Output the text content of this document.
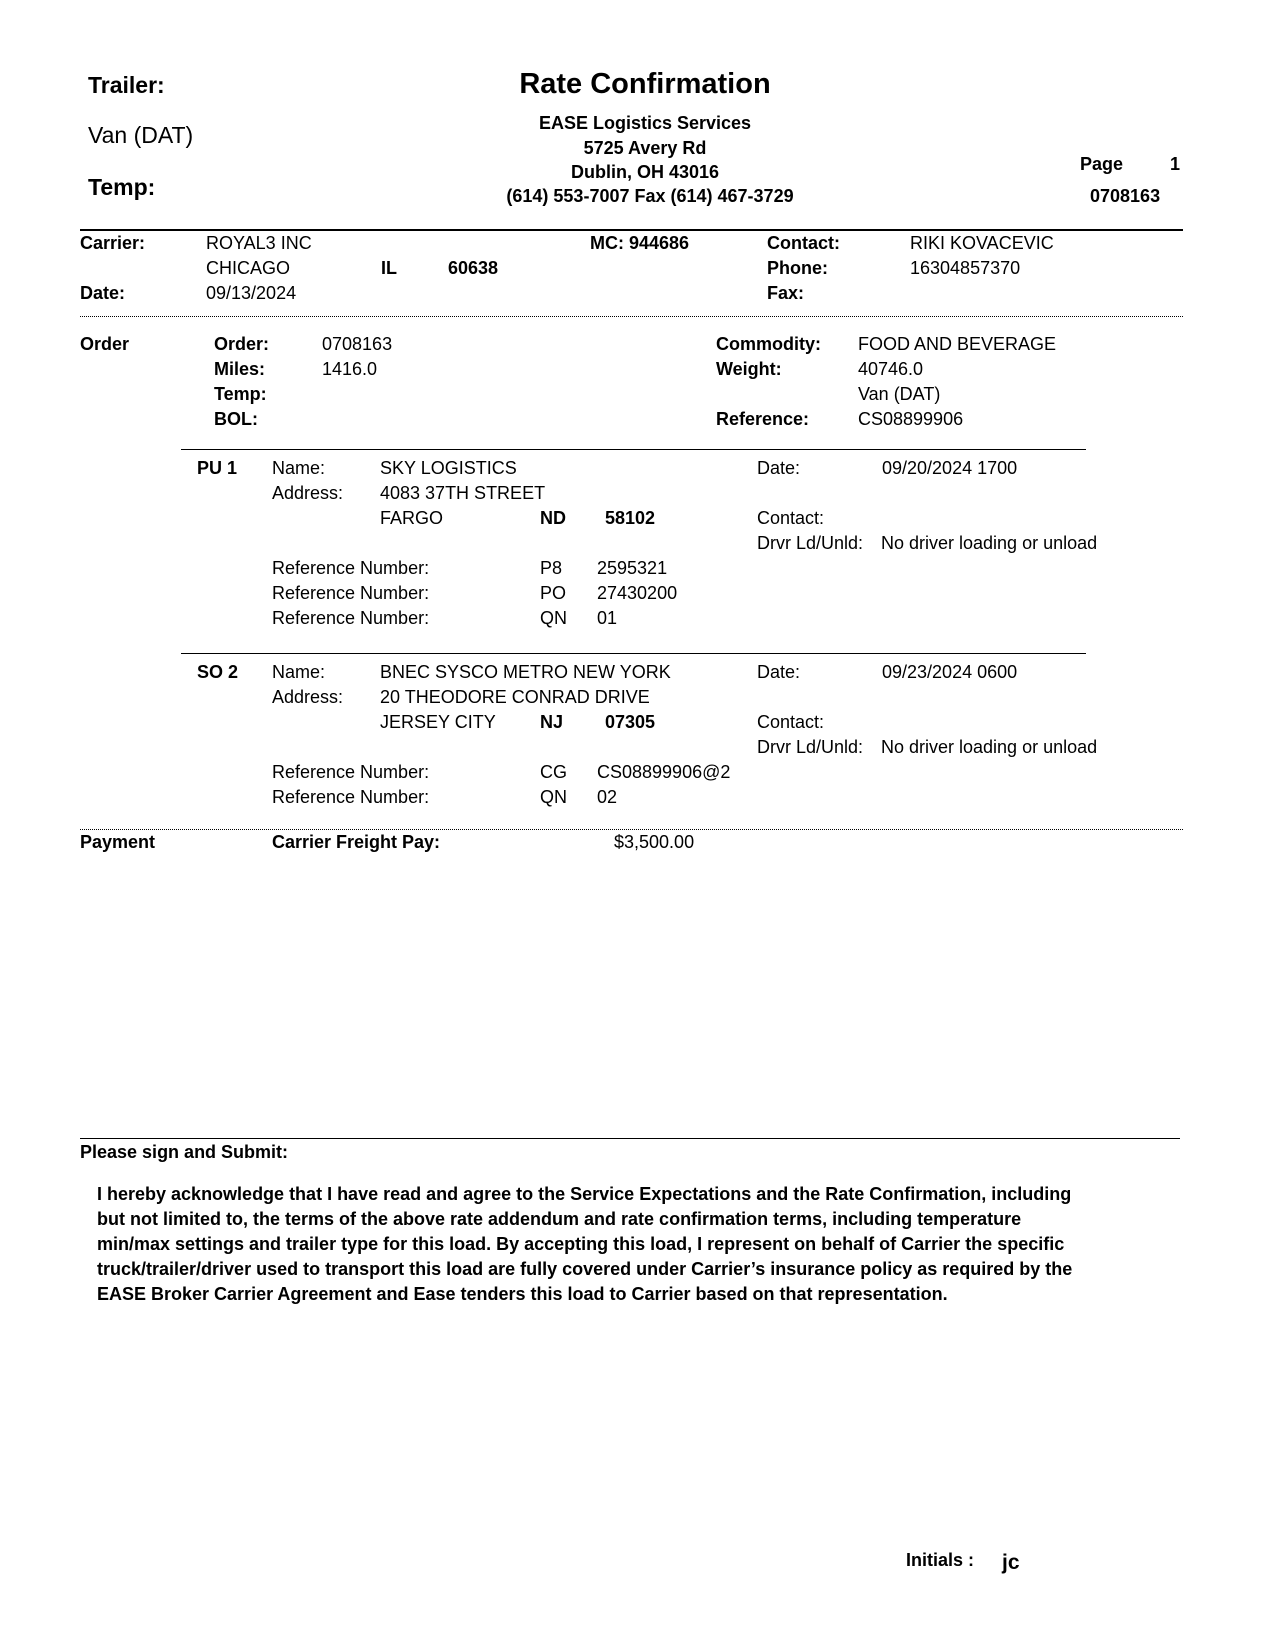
Trailer:
Van (DAT)
Temp:
Rate Confirmation
EASE Logistics Services
5725 Avery Rd
Dublin, OH 43016
(614) 553-7007 Fax (614) 467-3729
Page	1
0708163
Carrier:	ROYAL3 INC
CHICAGO	IL	60638
Date:	09/13/2024
MC: 944686	Contact:	RIKI KOVACEVIC
Phone:	16304857370
Fax:
Order	Order:	0708163
Miles:	1416.0
Temp:
BOL:
Commodity: FOOD AND BEVERAGE
Weight:	40746.0
Van (DAT)
Reference:	CS08899906
PU 1 Name:	SKY LOGISTICS
Address: 4083 37TH STREET
FARGO	ND 58102
Date:	09/20/2024 1700
Contact:
Drvr Ld/Unld: No driver loading or unload
Reference Number:	P8 2595321
Reference Number:	PO 27430200
Reference Number:	QN 01
SO 2 Name:	BNEC SYSCO METRO NEW YORK
Address: 20 THEODORE CONRAD DRIVE
JERSEY CITY NJ 07305
Date:	09/23/2024 0600
Contact:
Drvr Ld/Unld: No driver loading or unload
Reference Number:	CG CS08899906@2
Reference Number:	QN 02
Payment	Carrier Freight Pay:	$3,500.00
Please sign and Submit:
I hereby acknowledge that I have read and agree to the Service Expectations and the Rate Confirmation, including
but not limited to, the terms of the above rate addendum and rate confirmation terms, including temperature
min/max settings and trailer type for this load. By accepting this load, I represent on behalf of Carrier the specific
truck/trailer/driver used to transport this load are fully covered under Carrier’s insurance policy as required by the
EASE Broker Carrier Agreement and Ease tenders this load to Carrier based on that representation.
Initials : jc
